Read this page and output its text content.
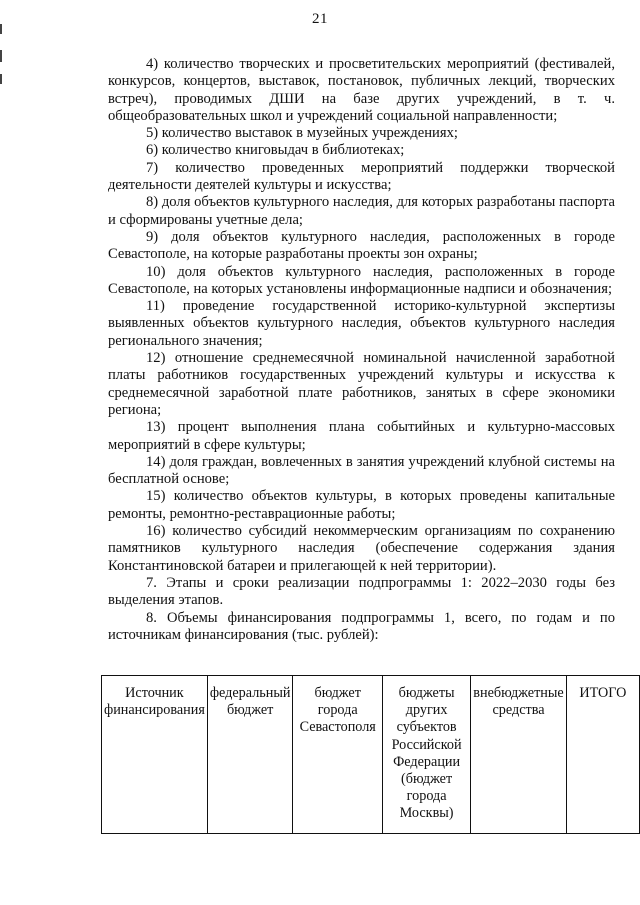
21

4) количество творческих и просветительских мероприятий (фестивалей, конкурсов, концертов, выставок, постановок, публичных лекций, творческих встреч), проводимых ДШИ на базе других учреждений, в т. ч. общеобразовательных школ и учреждений социальной направленности;

5) количество выставок в музейных учреждениях;

6) количество книговыдач в библиотеках;

7) количество проведенных мероприятий поддержки творческой деятельности деятелей культуры и искусства;

8) доля объектов культурного наследия, для которых разработаны паспорта и сформированы учетные дела;

9) доля объектов культурного наследия, расположенных в городе Севастополе, на которые разработаны проекты зон охраны;

10) доля объектов культурного наследия, расположенных в городе Севастополе, на которых установлены информационные надписи и обозначения;

11) проведение государственной историко-культурной экспертизы выявленных объектов культурного наследия, объектов культурного наследия регионального значения;

12) отношение среднемесячной номинальной начисленной заработной платы работников государственных учреждений культуры и искусства к среднемесячной заработной плате работников, занятых в сфере экономики региона;

13) процент выполнения плана событийных и культурно-массовых мероприятий в сфере культуры;

14) доля граждан, вовлеченных в занятия учреждений клубной системы на бесплатной основе;

15) количество объектов культуры, в которых проведены капитальные ремонты, ремонтно-реставрационные работы;

16) количество субсидий некоммерческим организациям по сохранению памятников культурного наследия (обеспечение содержания здания Константиновской батареи и прилегающей к ней территории).

7. Этапы и сроки реализации подпрограммы 1: 2022–2030 годы без выделения этапов.

8. Объемы финансирования подпрограммы 1, всего, по годам и по источникам финансирования (тыс. рублей):

Источник финансирования	федеральный бюджет	бюджет города Севастополя	бюджеты других субъектов Российской Федерации (бюджет города Москвы)	внебюджетные средства	ИТОГО
